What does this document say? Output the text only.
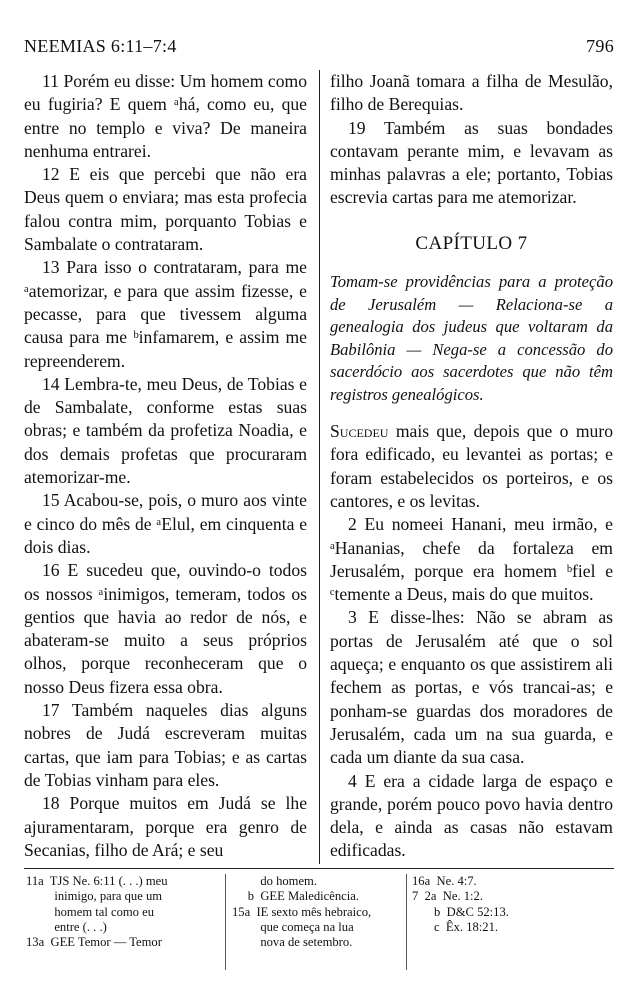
NEEMIAS 6:11–7:4	796

11 Porém eu disse: Um homem como eu fugiria? E quem ᵃhá, como eu, que entre no templo e viva? De maneira nenhuma entrarei.

12 E eis que percebi que não era Deus quem o enviara; mas esta profecia falou contra mim, porquanto Tobias e Sambalate o contrataram.

13 Para isso o contrataram, para me ᵃatemorizar, e para que assim fizesse, e pecasse, para que tivessem alguma causa para me ᵇinfamarem, e assim me repreenderem.

14 Lembra-te, meu Deus, de Tobias e de Sambalate, conforme estas suas obras; e também da profetiza Noadia, e dos demais profetas que procuraram atemorizar-me.

15 Acabou-se, pois, o muro aos vinte e cinco do mês de ᵃElul, em cinquenta e dois dias.

16 E sucedeu que, ouvindo-o todos os nossos ᵃinimigos, temeram, todos os gentios que havia ao redor de nós, e abateram-se muito a seus próprios olhos, porque reconheceram que o nosso Deus fizera essa obra.

17 Também naqueles dias alguns nobres de Judá escreveram muitas cartas, que iam para Tobias; e as cartas de Tobias vinham para eles.

18 Porque muitos em Judá se lhe ajuramentaram, porque era genro de Secanias, filho de Ará; e seu

filho Joanã tomara a filha de Mesulão, filho de Berequias.

19 Também as suas bondades contavam perante mim, e levavam as minhas palavras a ele; portanto, Tobias escrevia cartas para me atemorizar.

CAPÍTULO 7
Tomam-se providências para a proteção de Jerusalém — Relaciona-se a genealogia dos judeus que voltaram da Babilônia — Nega-se a concessão do sacerdócio aos sacerdotes que não têm registros genealógicos.

Sucedeu mais que, depois que o muro fora edificado, eu levantei as portas; e foram estabelecidos os porteiros, e os cantores, e os levitas.

2 Eu nomeei Hanani, meu irmão, e ᵃHananias, chefe da fortaleza em Jerusalém, porque era homem ᵇfiel e ᶜtemente a Deus, mais do que muitos.

3 E disse-lhes: Não se abram as portas de Jerusalém até que o sol aqueça; e enquanto os que assistirem ali fechem as portas, e vós trancai-as; e ponham-se guardas dos moradores de Jerusalém, cada um na sua guarda, e cada um diante da sua casa.

4 E era a cidade larga de espaço e grande, porém pouco povo havia dentro dela, e ainda as casas não estavam edificadas.

11a  TJS Ne. 6:11 (. . .) meu
inimigo, para que um
homem tal como eu
entre (. . .)
13a  GEE Temor — Temor
do homem.
b  GEE Maledicência.
15a  IE sexto mês hebraico,
que começa na lua
nova de setembro.
16a  Ne. 4:7.
7  2a  Ne. 1:2.
b  D&C 52:13.
c  Êx. 18:21.
